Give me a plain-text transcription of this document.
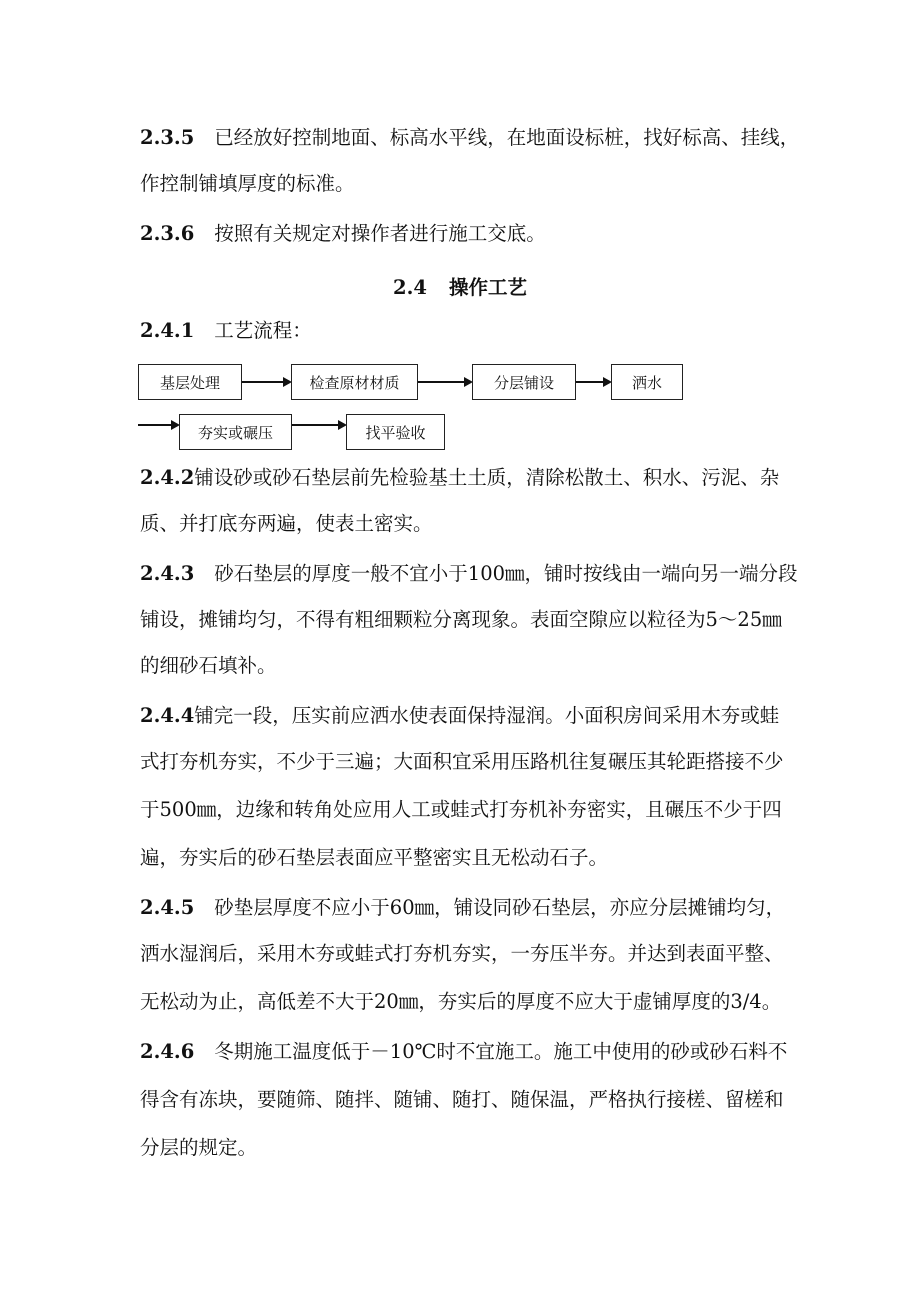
2.3.5 已经放好控制地面、标高水平线，在地面设标桩，找好标高、挂线，
作控制铺填厚度的标准。
2.3.6 按照有关规定对操作者进行施工交底。
2.4 操作工艺
2.4.1 工艺流程：
基层处理	检查原材材质	分层铺设	洒水
夯实或碾压	找平验收
2.4.2铺设砂或砂石垫层前先检验基土土质，清除松散土、积水、污泥、杂
质、并打底夯两遍，使表土密实。
2.4.3 砂石垫层的厚度一般不宜小于100㎜，铺时按线由一端向另一端分段
铺设，摊铺均匀，不得有粗细颗粒分离现象。表面空隙应以粒径为5～25㎜
的细砂石填补。
2.4.4铺完一段，压实前应洒水使表面保持湿润。小面积房间采用木夯或蛙
式打夯机夯实，不少于三遍；大面积宜采用压路机往复碾压其轮距搭接不少
于500㎜，边缘和转角处应用人工或蛙式打夯机补夯密实，且碾压不少于四
遍，夯实后的砂石垫层表面应平整密实且无松动石子。
2.4.5 砂垫层厚度不应小于60㎜，铺设同砂石垫层，亦应分层摊铺均匀，
洒水湿润后，采用木夯或蛙式打夯机夯实，一夯压半夯。并达到表面平整、
无松动为止，高低差不大于20㎜，夯实后的厚度不应大于虚铺厚度的3/4。
2.4.6 冬期施工温度低于－10℃时不宜施工。施工中使用的砂或砂石料不
得含有冻块，要随筛、随拌、随铺、随打、随保温，严格执行接槎、留槎和
分层的规定。
